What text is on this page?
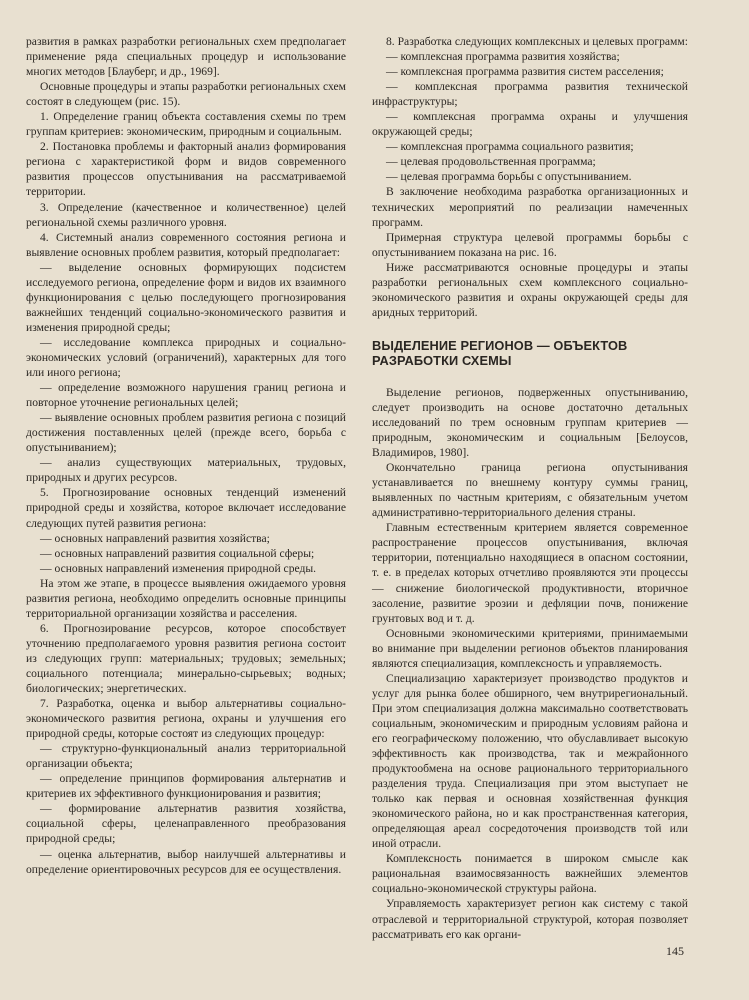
развития в рамках разработки региональных схем предполагает применение ряда специальных процедур и использование многих методов [Блауберг, и др., 1969].

Основные процедуры и этапы разработки региональных схем состоят в следующем (рис. 15).

1. Определение границ объекта составления схемы по трем группам критериев: экономическим, природным и социальным.

2. Постановка проблемы и факторный анализ формирования региона с характеристикой форм и видов современного развития процессов опустынивания на рассматриваемой территории.

3. Определение (качественное и количественное) целей региональной схемы различного уровня.

4. Системный анализ современного состояния региона и выявление основных проблем развития, который предполагает:

— выделение основных формирующих подсистем исследуемого региона, определение форм и видов их взаимного функционирования с целью последующего прогнозирования важнейших тенденций социально-экономического развития и изменения природной среды;

— исследование комплекса природных и социально-экономических условий (ограничений), характерных для того или иного региона;

— определение возможного нарушения границ региона и повторное уточнение региональных целей;

— выявление основных проблем развития региона с позиций достижения поставленных целей (прежде всего, борьба с опустыниванием);

— анализ существующих материальных, трудовых, природных и других ресурсов.

5. Прогнозирование основных тенденций изменений природной среды и хозяйства, которое включает исследование следующих путей развития региона:

— основных направлений развития хозяйства;

— основных направлений развития социальной сферы;

— основных направлений изменения природной среды.

На этом же этапе, в процессе выявления ожидаемого уровня развития региона, необходимо определить основные принципы территориальной организации хозяйства и расселения.

6. Прогнозирование ресурсов, которое способствует уточнению предполагаемого уровня развития региона состоит из следующих групп: материальных; трудовых; земельных; социального потенциала; минерально-сырьевых; водных; биологических; энергетических.

7. Разработка, оценка и выбор альтернативы социально-экономического развития региона, охраны и улучшения его природной среды, которые состоят из следующих процедур:

— структурно-функциональный анализ территориальной организации объекта;

— определение принципов формирования альтернатив и критериев их эффективного функционирования и развития;

— формирование альтернатив развития хозяйства, социальной сферы, целенаправленного преобразования природной среды;

— оценка альтернатив, выбор наилучшей альтернативы и определение ориентировочных ресурсов для ее осуществления.

8. Разработка следующих комплексных и целевых программ:

— комплексная программа развития хозяйства;

— комплексная программа развития систем расселения;

— комплексная программа развития технической инфраструктуры;

— комплексная программа охраны и улучшения окружающей среды;

— комплексная программа социального развития;

— целевая продовольственная программа;

— целевая программа борьбы с опустыниванием.

В заключение необходима разработка организационных и технических мероприятий по реализации намеченных программ.

Примерная структура целевой программы борьбы с опустыниванием показана на рис. 16.

Ниже рассматриваются основные процедуры и этапы разработки региональных схем комплексного социально-экономического развития и охраны окружающей среды для аридных территорий.

ВЫДЕЛЕНИЕ РЕГИОНОВ — ОБЪЕКТОВ РАЗРАБОТКИ СХЕМЫ

Выделение регионов, подверженных опустыниванию, следует производить на основе достаточно детальных исследований по трем основным группам критериев — природным, экономическим и социальным [Белоусов, Владимиров, 1980].

Окончательно граница региона опустынивания устанавливается по внешнему контуру суммы границ, выявленных по частным критериям, с обязательным учетом административно-территориального деления страны.

Главным естественным критерием является современное распространение процессов опустынивания, включая территории, потенциально находящиеся в опасном состоянии, т. е. в пределах которых отчетливо проявляются эти процессы — снижение биологической продуктивности, вторичное засоление, развитие эрозии и дефляции почв, понижение грунтовых вод и т. д.

Основными экономическими критериями, принимаемыми во внимание при выделении регионов объектов планирования являются специализация, комплексность и управляемость.

Специализацию характеризует производство продуктов и услуг для рынка более обширного, чем внутрирегиональный. При этом специализация должна максимально соответствовать социальным, экономическим и природным условиям района и его географическому положению, что обуславливает высокую эффективность как производства, так и межрайонного продуктообмена на основе рационального территориального разделения труда. Специализация при этом выступает не только как первая и основная хозяйственная функция экономического района, но и как пространственная категория, определяющая ареал сосредоточения производств той или иной отрасли.

Комплексность понимается в широком смысле как рациональная взаимосвязанность важнейших элементов социально-экономической структуры района.

Управляемость характеризует регион как систему с такой отраслевой и территориальной структурой, которая позволяет рассматривать его как органи-

145
